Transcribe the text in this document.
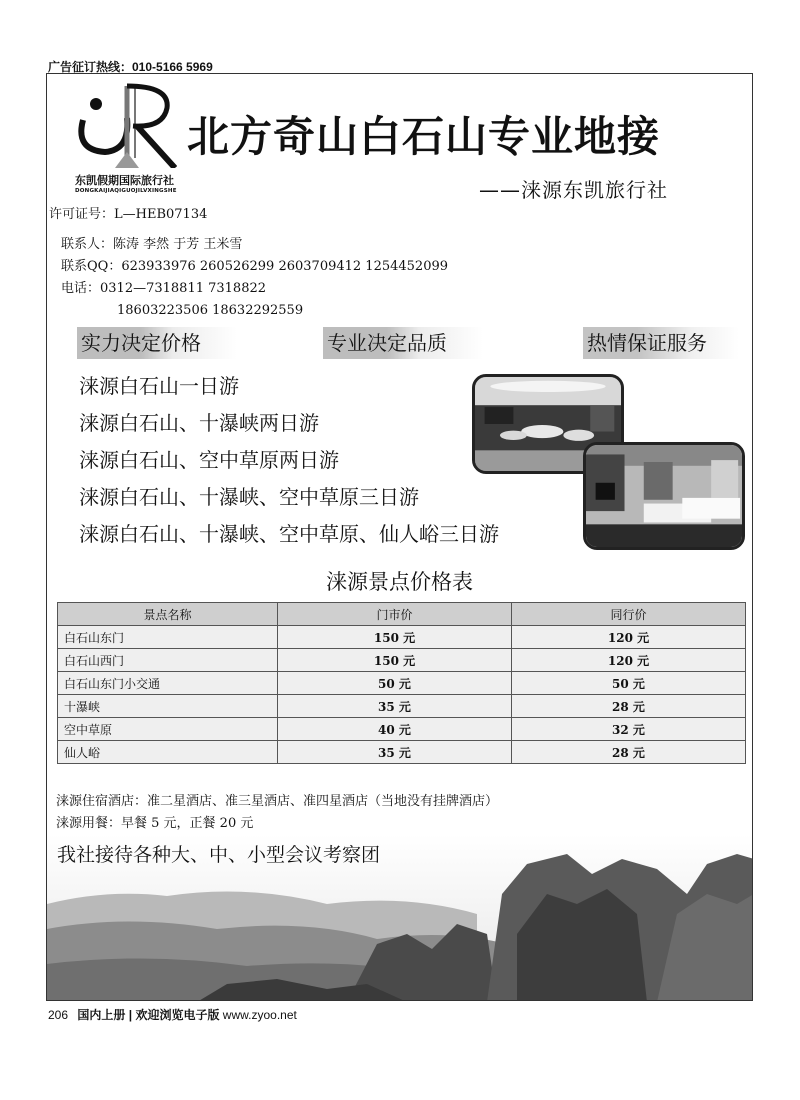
广告征订热线：010-5166 5969
东凯假期国际旅行社
DONGKAIJIAQIGUOJILVXINGSHE
北方奇山白石山专业地接
——涞源东凯旅行社
许可证号：L—HEB07134
联系人：陈涛 李然 于芳 王米雪
联系QQ：623933976 260526299 2603709412 1254452099
电话：0312—7318811 7318822
18603223506 18632292559
实力决定价格	专业决定品质	热情保证服务
涞源白石山一日游
涞源白石山、十瀑峡两日游
涞源白石山、空中草原两日游
涞源白石山、十瀑峡、空中草原三日游
涞源白石山、十瀑峡、空中草原、仙人峪三日游
涞源景点价格表
景点名称	门市价	同行价
白石山东门	150 元	120 元
白石山西门	150 元	120 元
白石山东门小交通	50 元	50 元
十瀑峡	35 元	28 元
空中草原	40 元	32 元
仙人峪	35 元	28 元
涞源住宿酒店：准二星酒店、准三星酒店、准四星酒店（当地没有挂牌酒店）
涞源用餐：早餐 5 元，正餐 20 元
我社接待各种大、中、小型会议考察团
206 国内上册 | 欢迎浏览电子版 www.zyoo.net
